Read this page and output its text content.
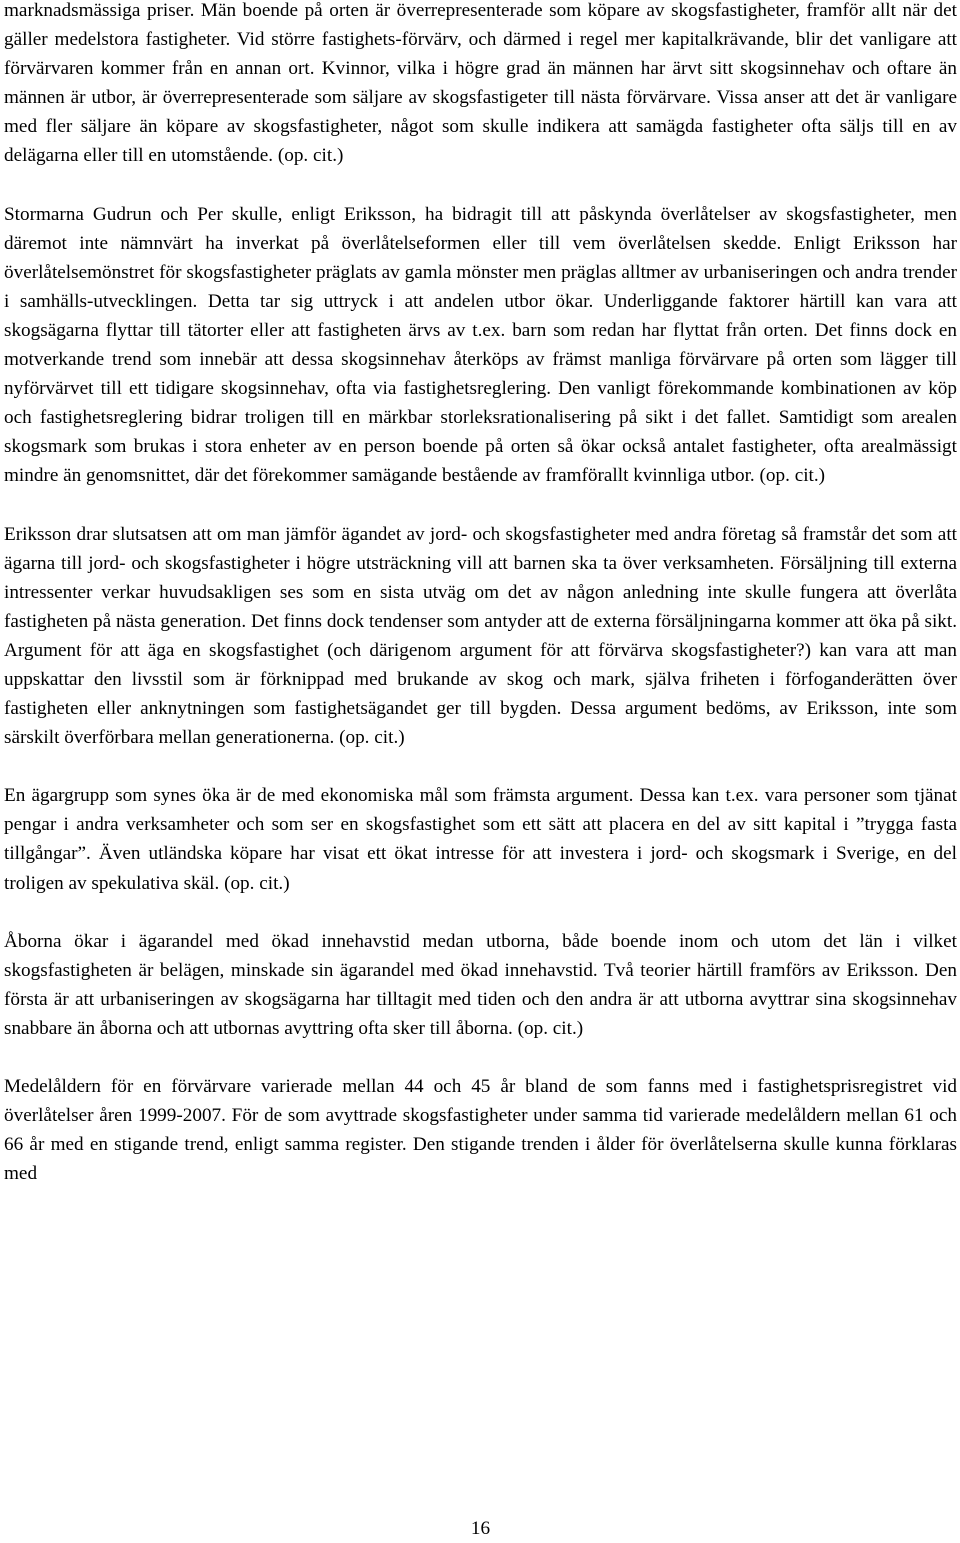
marknadsmässiga priser. Män boende på orten är överrepresenterade som köpare av skogsfastigheter, framför allt när det gäller medelstora fastigheter. Vid större fastighets-förvärv, och därmed i regel mer kapitalkrävande, blir det vanligare att förvärvaren kommer från en annan ort. Kvinnor, vilka i högre grad än männen har ärvt sitt skogsinnehav och oftare än männen är utbor, är överrepresenterade som säljare av skogsfastigeter till nästa förvärvare. Vissa anser att det är vanligare med fler säljare än köpare av skogsfastigheter, något som skulle indikera att samägda fastigheter ofta säljs till en av delägarna eller till en utomstående. (op. cit.)

Stormarna Gudrun och Per skulle, enligt Eriksson, ha bidragit till att påskynda överlåtelser av skogsfastigheter, men däremot inte nämnvärt ha inverkat på överlåtelseformen eller till vem överlåtelsen skedde. Enligt Eriksson har överlåtelsemönstret för skogsfastigheter präglats av gamla mönster men präglas alltmer av urbaniseringen och andra trender i samhälls-utvecklingen. Detta tar sig uttryck i att andelen utbor ökar. Underliggande faktorer härtill kan vara att skogsägarna flyttar till tätorter eller att fastigheten ärvs av t.ex. barn som redan har flyttat från orten. Det finns dock en motverkande trend som innebär att dessa skogsinnehav återköps av främst manliga förvärvare på orten som lägger till nyförvärvet till ett tidigare skogsinnehav, ofta via fastighetsreglering. Den vanligt förekommande kombinationen av köp och fastighetsreglering bidrar troligen till en märkbar storleksrationalisering på sikt i det fallet. Samtidigt som arealen skogsmark som brukas i stora enheter av en person boende på orten så ökar också antalet fastigheter, ofta arealmässigt mindre än genomsnittet, där det förekommer samägande bestående av framförallt kvinnliga utbor. (op. cit.)

Eriksson drar slutsatsen att om man jämför ägandet av jord- och skogsfastigheter med andra företag så framstår det som att ägarna till jord- och skogsfastigheter i högre utsträckning vill att barnen ska ta över verksamheten. Försäljning till externa intressenter verkar huvudsakligen ses som en sista utväg om det av någon anledning inte skulle fungera att överlåta fastigheten på nästa generation. Det finns dock tendenser som antyder att de externa försäljningarna kommer att öka på sikt. Argument för att äga en skogsfastighet (och därigenom argument för att förvärva skogsfastigheter?) kan vara att man uppskattar den livsstil som är förknippad med brukande av skog och mark, själva friheten i förfoganderätten över fastigheten eller anknytningen som fastighetsägandet ger till bygden. Dessa argument bedöms, av Eriksson, inte som särskilt överförbara mellan generationerna. (op. cit.)

En ägargrupp som synes öka är de med ekonomiska mål som främsta argument. Dessa kan t.ex. vara personer som tjänat pengar i andra verksamheter och som ser en skogsfastighet som ett sätt att placera en del av sitt kapital i ”trygga fasta tillgångar”. Även utländska köpare har visat ett ökat intresse för att investera i jord- och skogsmark i Sverige, en del troligen av spekulativa skäl. (op. cit.)

Åborna ökar i ägarandel med ökad innehavstid medan utborna, både boende inom och utom det län i vilket skogsfastigheten är belägen, minskade sin ägarandel med ökad innehavstid. Två teorier härtill framförs av Eriksson. Den första är att urbaniseringen av skogsägarna har tilltagit med tiden och den andra är att utborna avyttrar sina skogsinnehav snabbare än åborna och att utbornas avyttring ofta sker till åborna. (op. cit.)

Medelåldern för en förvärvare varierade mellan 44 och 45 år bland de som fanns med i fastighetsprisregistret vid överlåtelser åren 1999-2007. För de som avyttrade skogsfastigheter under samma tid varierade medelåldern mellan 61 och 66 år med en stigande trend, enligt samma register. Den stigande trenden i ålder för överlåtelserna skulle kunna förklaras med

16
